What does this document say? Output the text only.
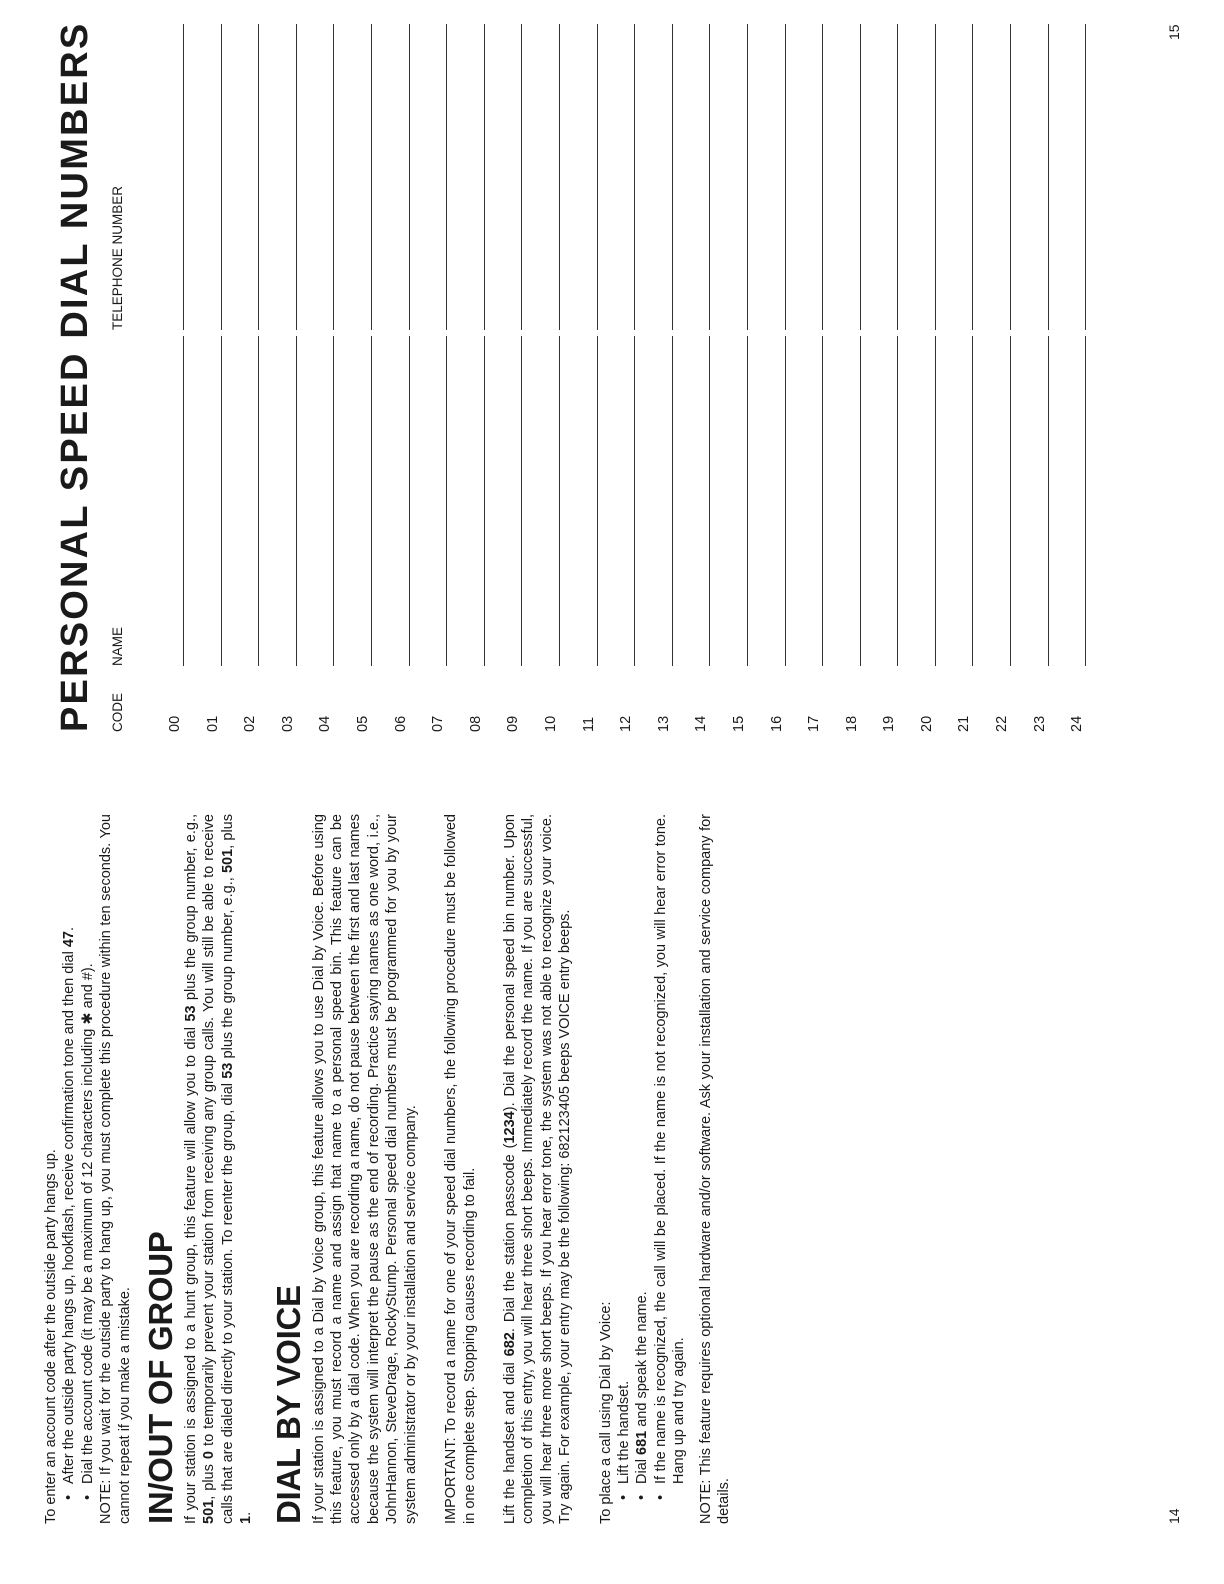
To enter an account code after the outside party hangs up. • After the outside party hangs up, hookflash, receive confirmation tone and then dial 47.
• Dial the account code (it may be a maximum of 12 characters including ✱ and #). NOTE: If you wait for the outside party to hang up, you must complete this procedure within ten seconds. You cannot repeat if you make a mistake. IN/OUT OF GROUP If your station is assigned to a hunt group, this feature will allow you to dial 53 plus the group number, e.g., 501, plus 0 to temporarily prevent your station from receiving any group calls. You will still be able to receive calls that are dialed directly to your station. To reenter the group, dial 53 plus the group number, e.g., 501, plus 1. DIAL BY VOICE If your station is assigned to a Dial by Voice group, this feature allows you to use Dial by Voice. Before using this feature, you must record a name and assign that name to a personal speed bin. This feature can be accessed only by a dial code. When you are recording a name, do not pause between the first and last names because the system will interpret the pause as the end of recording. Practice saying names as one word, i.e., JohnHannon, SteveDrage, RockyStump. Personal speed dial numbers must be programmed for you by your system administrator or by your installation and service company. IMPORTANT: To record a name for one of your speed dial numbers, the following procedure must be followed in one complete step. Stopping causes recording to fail. Lift the handset and dial 682. Dial the station passcode (1234). Dial the personal speed bin number. Upon completion of this entry, you will hear three short beeps. Immediately record the name. If you are successful, you will hear three more short beeps. If you hear error tone, the system was not able to recognize your voice. Try again. For example, your entry may be the following: 682123405 beeps VOICE entry beeps. To place a call using Dial by Voice: • Lift the handset. • Dial 681 and speak the name. • If the name is recognized, the call will be placed. If the name is not recognized, you will hear error tone. Hang up and try again. NOTE: This feature requires optional hardware and/or software. Ask your installation and service company for details.	14
PERSONAL SPEED DIAL NUMBERS CODE
NAME
TELEPHONE NUMBER
00 01 02 03 04 05 06 07 08 09 10 11 12 13 14 15 16 17 18 19 20 21 22 23 24
15
